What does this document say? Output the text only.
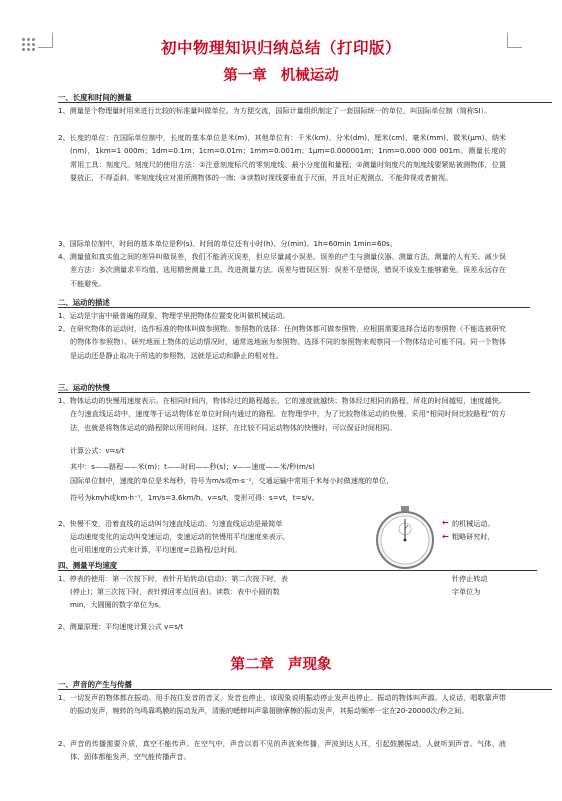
初中物理知识归纳总结（打印版）
第一章 机械运动
一、长度和时间的测量
1、测量是个物理量时用来进行比较的标准量叫做单位。为方便交流，国际计量组织制定了一套国际统一的单位，叫国际单位制（简称SI）。
2、长度的单位：在国际单位制中，长度的基本单位是米(m)，其他单位有：千米(km)、分米(dm)、厘米(cm)、毫米(mm)、微米(μm)、纳米(nm)，1km=1 000m；1dm=0.1m；1cm=0.01m；1mm=0.001m；1μm=0.000001m；1nm=0.000 000 001m。测量长度的常用工具：刻度尺。刻度尺的使用方法：①注意刻度标尺的零刻度线、最小分度值和量程；②测量时刻度尺的刻度线要紧贴被测物体，位置要放正，不得歪斜，零刻度线应对准所测物体的一端；③读数时视线要垂直于尺面，并且对正观测点，不能仰视或者俯视。
3、国际单位制中，时间的基本单位是秒(s)。时间的单位还有小时(h)、分(min)。1h=60min 1min=60s。
4、测量值和真实值之间的差异叫做误差，我们不能消灭误差，但应尽量减小误差。误差的产生与测量仪器、测量方法、测量的人有关。减少误差方法：多次测量求平均值、选用精密测量工具、改进测量方法。误差与错误区别：误差不是错误，错误不该发生能够避免，误差永远存在不能避免。
二、运动的描述
1、运动是宇宙中最普遍的现象，物理学里把物体位置变化叫做机械运动。
2、在研究物体的运动时，选作标准的物体叫做参照物。参照物的选择：任何物体都可做参照物，应根据需要选择合适的参照物（不能选被研究的物体作参照物）。研究地面上物体的运动情况时，通常选地面为参照物。选择不同的参照物来观察同一个物体结论可能不同。同一个物体是运动还是静止取决于所选的参照物，这就是运动和静止的相对性。
三、运动的快慢
1、物体运动的快慢用速度表示。在相同时间内，物体经过的路程越长，它的速度就越快；物体经过相同的路程，所花的时间越短，速度越快。在匀速直线运动中，速度等于运动物体在单位时间内通过的路程。在物理学中，为了比较物体运动的快慢，采用“相同时间比较路程”的方法，也就是将物体运动的路程除以所用时间。这样，在比较不同运动物体的快慢时，可以保证时间相同。
计算公式：v=s/t
其中：s——路程——米(m)；t——时间——秒(s)；v——速度——米/秒(m/s)
国际单位制中，速度的单位是米每秒，符号为m/s或m·s⁻¹，交通运输中常用千米每小时做速度的单位，
符号为km/h或km·h⁻¹，1m/s=3.6km/h。v=s/t，变形可得：s=vt，t=s/v。
2、快慢不变，沿着直线的运动叫匀速直线运动。匀速直线运动是最简单	的机械运动。
运动速度变化的运动叫变速运动，变速运动的快慢用平均速度来表示，	粗略研究时，
也可用速度的公式来计算，平均速度=总路程/总时间。
四、测量平均速度
1、停表的使用：第一次按下时，表针开始转动(启动)；第二次按下时，表	针停止转动
(停止)；第三次按下时，表针弹回零点(回表)。读数：表中小圆的数	字单位为
min，大圆圈的数字单位为s。
2、测量原理：平均速度计算公式 v=s/t
←
←
第二章 声现象
一、声音的产生与传播
1、一切发声的物体都在振动。用手按住发音的音叉，发音也停止，该现象说明振动停止发声也停止。振动的物体叫声源。人说话，唱歌靠声带的振动发声，婉转的鸟鸣靠鸣膜的振动发声，清脆的蟋蟀叫声靠翅膀摩擦的振动发声，其振动频率一定在20-20000次/秒之间。
2、声音的传播需要介质，真空不能传声。在空气中，声音以看不见的声波来传播，声波到达人耳，引起鼓膜振动，人就听到声音。气体、液体、固体都能发声，空气能传播声音。
